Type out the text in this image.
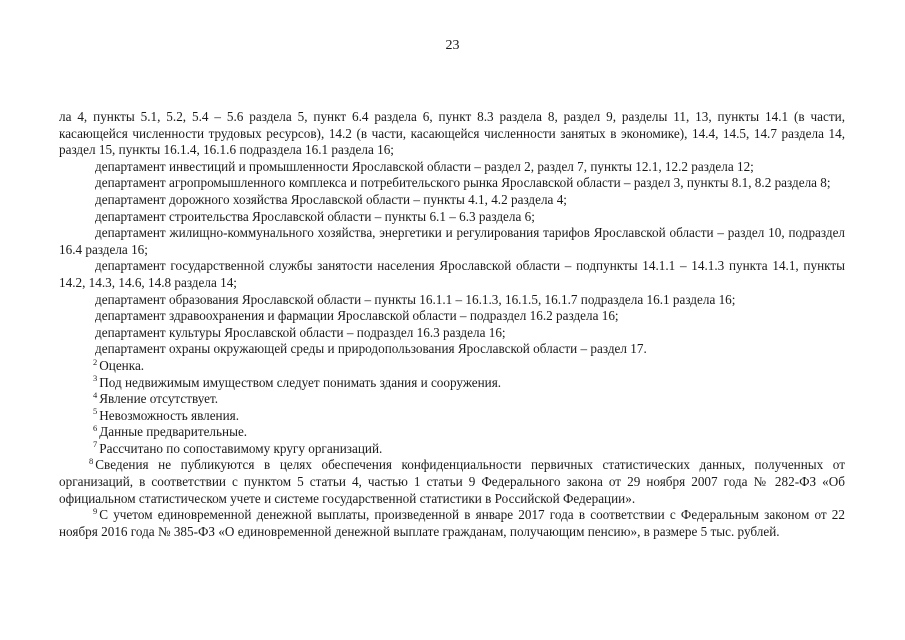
23

ла 4, пункты 5.1, 5.2, 5.4 – 5.6 раздела 5, пункт 6.4 раздела 6, пункт 8.3 раздела 8, раздел 9, разделы 11, 13, пункты 14.1 (в части, касающейся численности трудовых ресурсов), 14.2 (в части, касающейся численности занятых в экономике), 14.4, 14.5, 14.7 раздела 14, раздел 15, пункты 16.1.4, 16.1.6 подраздела 16.1 раздела 16;

департамент инвестиций и промышленности Ярославской области – раздел 2, раздел 7, пункты 12.1, 12.2 раздела 12;

департамент агропромышленного комплекса и потребительского рынка Ярославской области – раздел 3, пункты 8.1, 8.2 раздела 8;

департамент дорожного хозяйства Ярославской области – пункты 4.1, 4.2 раздела 4;

департамент строительства Ярославской области – пункты 6.1 – 6.3 раздела 6;

департамент жилищно-коммунального хозяйства, энергетики и регулирования тарифов Ярославской области – раздел 10, подраздел 16.4 раздела 16;

департамент государственной службы занятости населения Ярославской области – подпункты 14.1.1 – 14.1.3 пункта 14.1, пункты 14.2, 14.3, 14.6, 14.8 раздела 14;

департамент образования Ярославской области – пункты 16.1.1 – 16.1.3, 16.1.5, 16.1.7 подраздела 16.1 раздела 16;

департамент здравоохранения и фармации Ярославской области – подраздел 16.2 раздела 16;

департамент культуры Ярославской области – подраздел 16.3 раздела 16;

департамент охраны окружающей среды и природопользования Ярославской области – раздел 17.

$^2$ Оценка.

$^3$ Под недвижимым имуществом следует понимать здания и сооружения.

$^4$ Явление отсутствует.

$^5$ Невозможность явления.

$^6$ Данные предварительные.

$^7$ Рассчитано по сопоставимому кругу организаций.

$^8$ Сведения не публикуются в целях обеспечения конфиденциальности первичных статистических данных, полученных от организаций, в соответствии с пунктом 5 статьи 4, частью 1 статьи 9 Федерального закона от 29 ноября 2007 года № 282-ФЗ «Об официальном статистическом учете и системе государственной статистики в Российской Федерации».

$^9$ С учетом единовременной денежной выплаты, произведенной в январе 2017 года в соответствии с Федеральным законом от 22 ноября 2016 года № 385-ФЗ «О единовременной денежной выплате гражданам, получающим пенсию», в размере 5 тыс. рублей.
